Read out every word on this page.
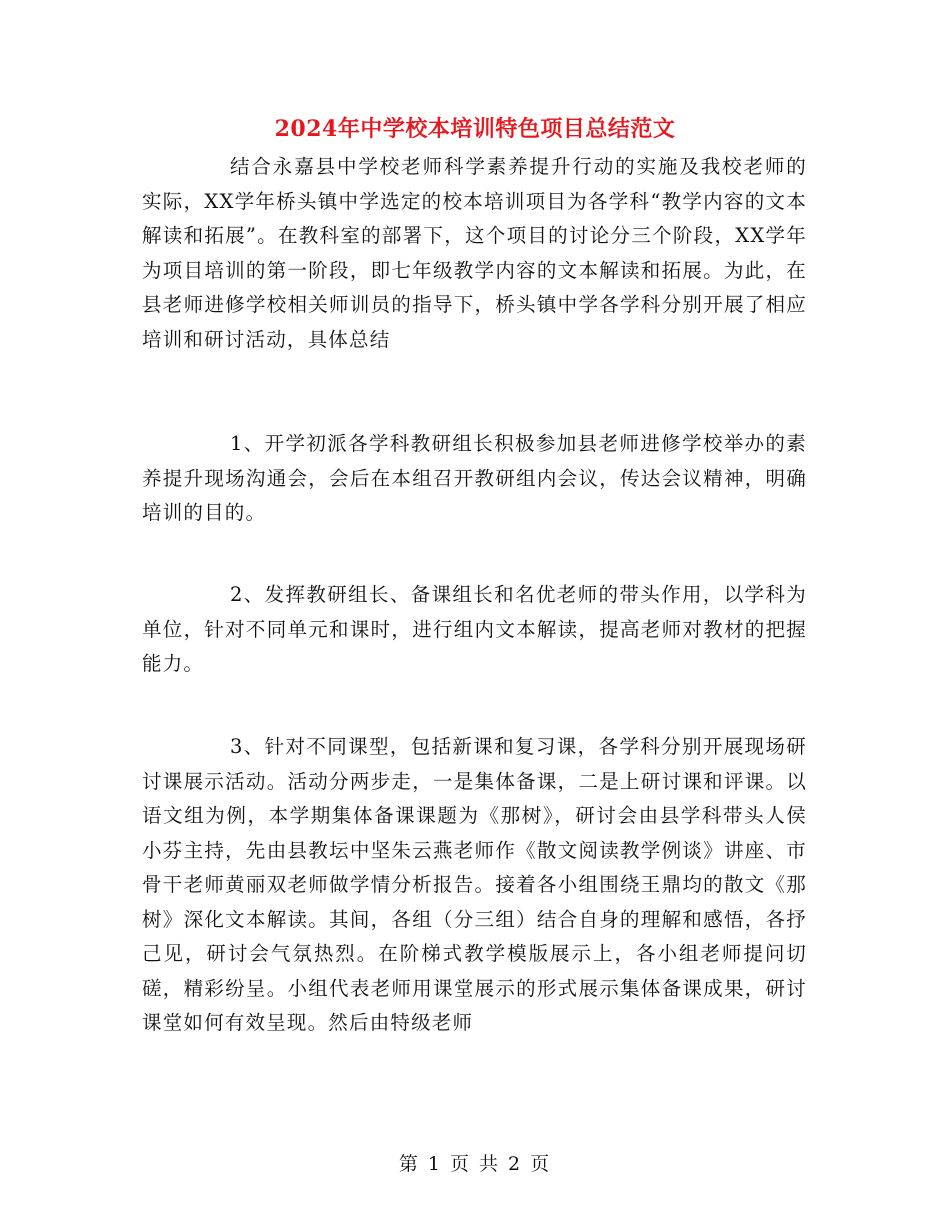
2024年中学校本培训特色项目总结范文

结合永嘉县中学校老师科学素养提升行动的实施及我校老师的实际，XX学年桥头镇中学选定的校本培训项目为各学科“教学内容的文本解读和拓展”。在教科室的部署下，这个项目的讨论分三个阶段，XX学年为项目培训的第一阶段，即七年级教学内容的文本解读和拓展。为此，在县老师进修学校相关师训员的指导下，桥头镇中学各学科分别开展了相应培训和研讨活动，具体总结

1、开学初派各学科教研组长积极参加县老师进修学校举办的素养提升现场沟通会，会后在本组召开教研组内会议，传达会议精神，明确培训的目的。

2、发挥教研组长、备课组长和名优老师的带头作用，以学科为单位，针对不同单元和课时，进行组内文本解读，提高老师对教材的把握能力。

3、针对不同课型，包括新课和复习课，各学科分别开展现场研讨课展示活动。活动分两步走，一是集体备课，二是上研讨课和评课。以语文组为例，本学期集体备课课题为《那树》，研讨会由县学科带头人侯小芬主持，先由县教坛中坚朱云燕老师作《散文阅读教学例谈》讲座、市骨干老师黄丽双老师做学情分析报告。接着各小组围绕王鼎均的散文《那树》深化文本解读。其间，各组（分三组）结合自身的理解和感悟，各抒己见，研讨会气氛热烈。在阶梯式教学模版展示上，各小组老师提问切磋，精彩纷呈。小组代表老师用课堂展示的形式展示集体备课成果，研讨课堂如何有效呈现。然后由特级老师

第 1 页 共 2 页
